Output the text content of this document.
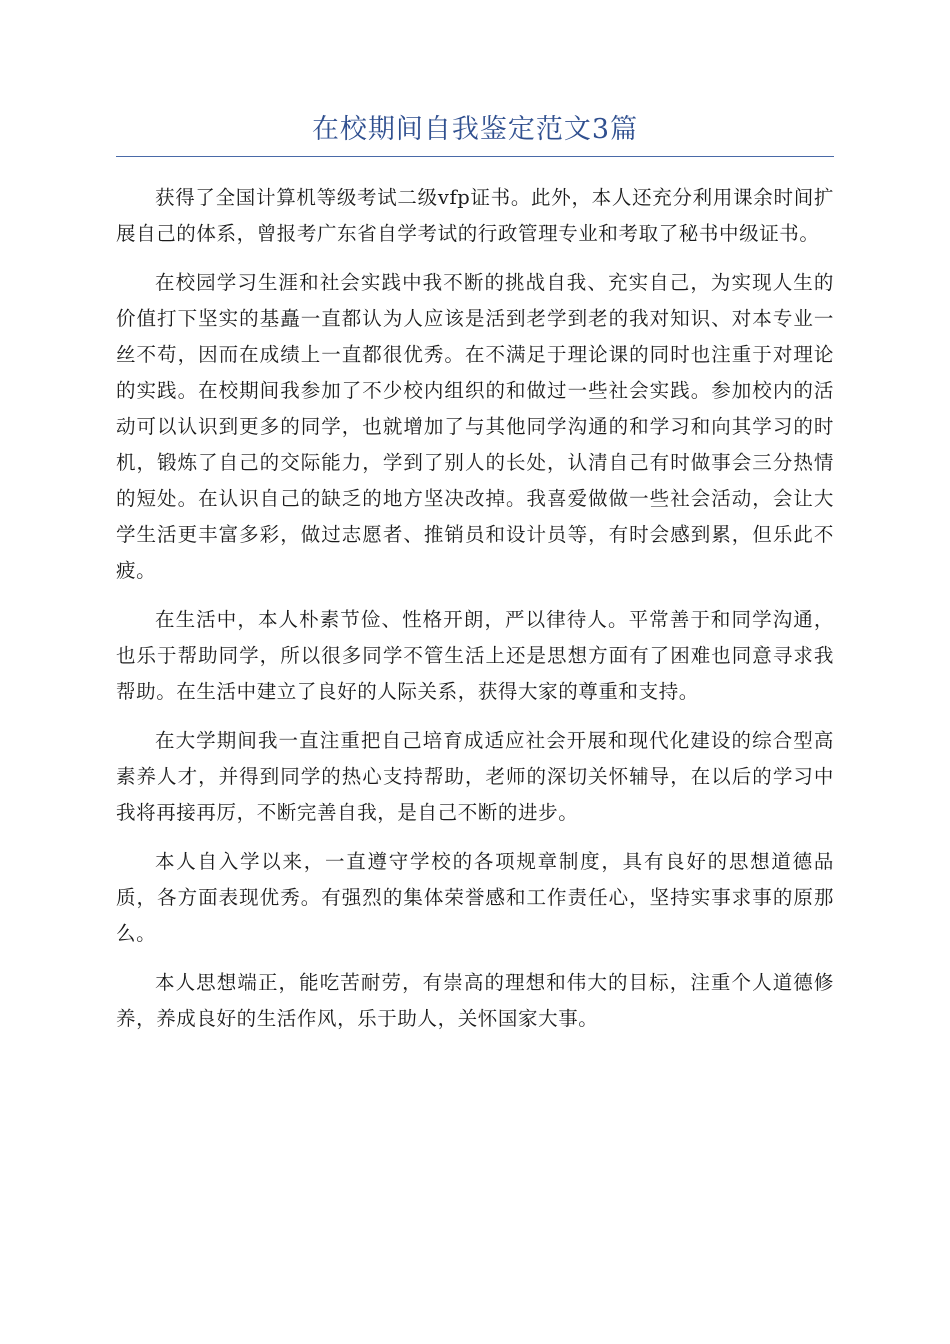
在校期间自我鉴定范文3篇

获得了全国计算机等级考试二级vfp证书。此外，本人还充分利用课余时间扩展自己的体系，曾报考广东省自学考试的行政管理专业和考取了秘书中级证书。

在校园学习生涯和社会实践中我不断的挑战自我、充实自己，为实现人生的价值打下坚实的基矗一直都认为人应该是活到老学到老的我对知识、对本专业一丝不苟，因而在成绩上一直都很优秀。在不满足于理论课的同时也注重于对理论的实践。在校期间我参加了不少校内组织的和做过一些社会实践。参加校内的活动可以认识到更多的同学，也就增加了与其他同学沟通的和学习和向其学习的时机，锻炼了自己的交际能力，学到了别人的长处，认清自己有时做事会三分热情的短处。在认识自己的缺乏的地方坚决改掉。我喜爱做做一些社会活动，会让大学生活更丰富多彩，做过志愿者、推销员和设计员等，有时会感到累，但乐此不疲。

在生活中，本人朴素节俭、性格开朗，严以律待人。平常善于和同学沟通，也乐于帮助同学，所以很多同学不管生活上还是思想方面有了困难也同意寻求我帮助。在生活中建立了良好的人际关系，获得大家的尊重和支持。

在大学期间我一直注重把自己培育成适应社会开展和现代化建设的综合型高素养人才，并得到同学的热心支持帮助，老师的深切关怀辅导，在以后的学习中我将再接再厉，不断完善自我，是自己不断的进步。

本人自入学以来，一直遵守学校的各项规章制度，具有良好的思想道德品质，各方面表现优秀。有强烈的集体荣誉感和工作责任心，坚持实事求事的原那么。

本人思想端正，能吃苦耐劳，有崇高的理想和伟大的目标，注重个人道德修养，养成良好的生活作风，乐于助人，关怀国家大事。
